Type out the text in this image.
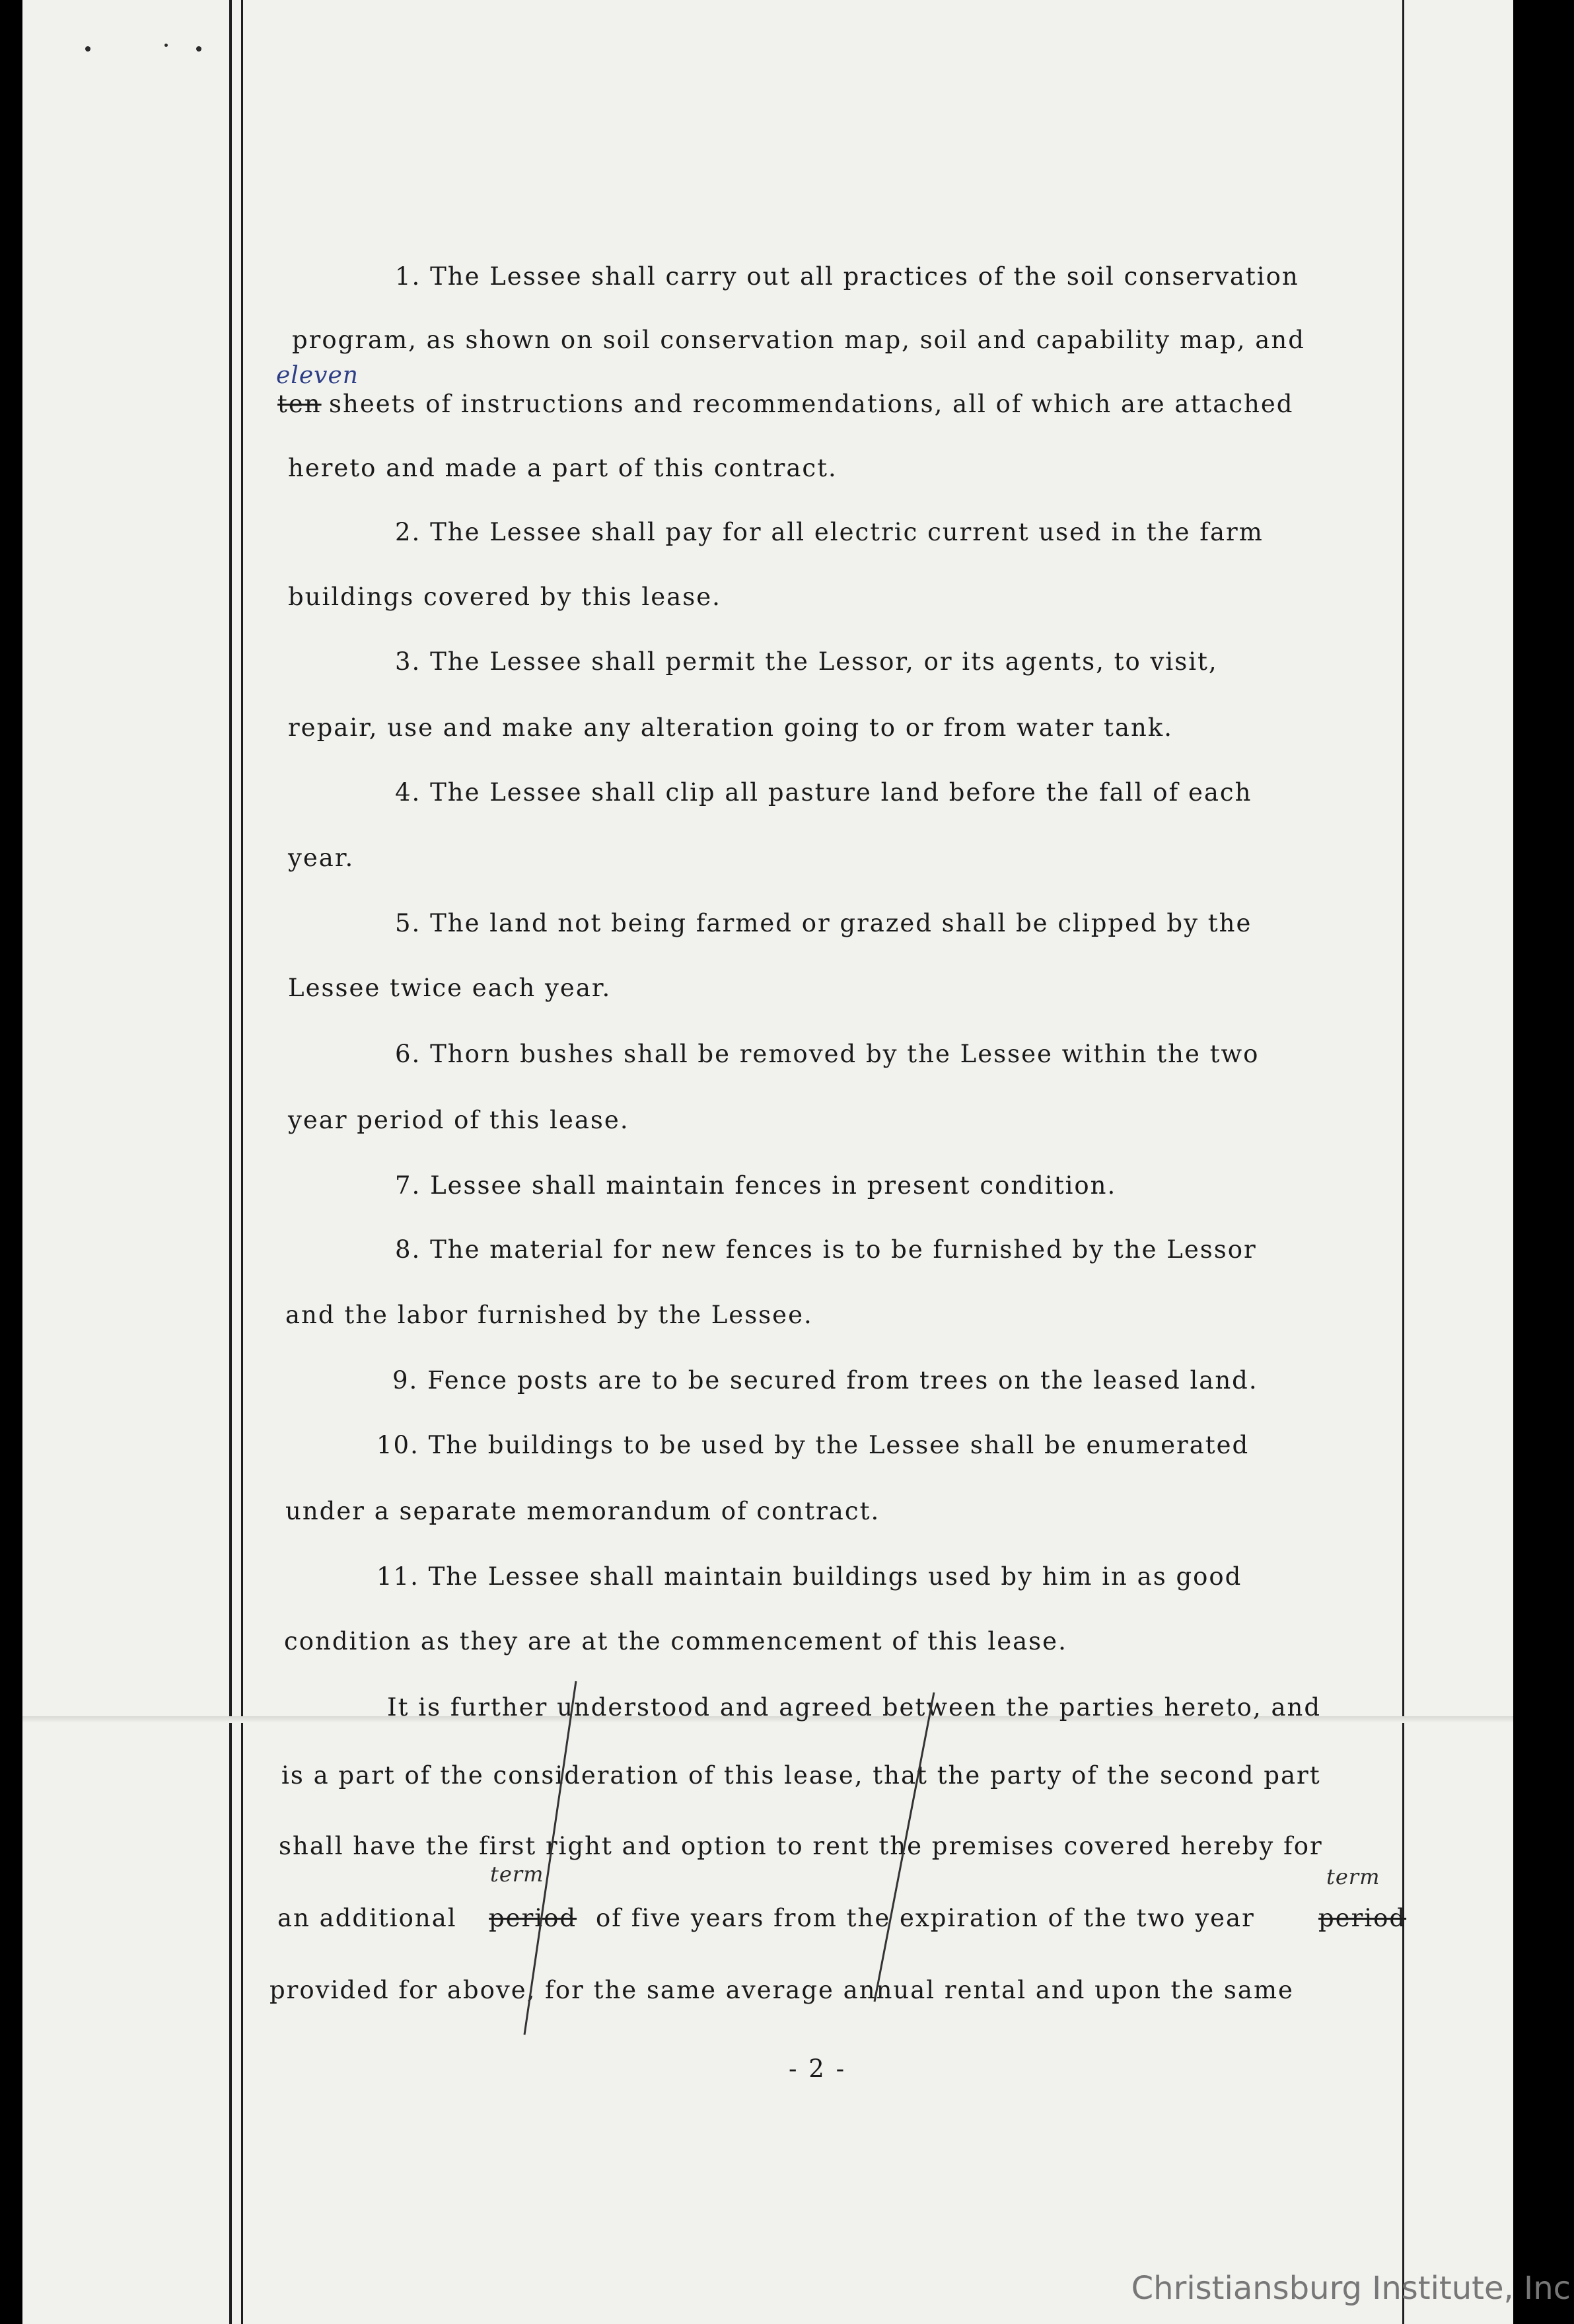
1. The Lessee shall carry out all practices of the soil conservation
program, as shown on soil conservation map, soil and capability map, and
eleven
ten sheets of instructions and recommendations, all of which are attached
hereto and made a part of this contract.
2. The Lessee shall pay for all electric current used in the farm
buildings covered by this lease.
3. The Lessee shall permit the Lessor, or its agents, to visit,
repair, use and make any alteration going to or from water tank.
4. The Lessee shall clip all pasture land before the fall of each
year.
5. The land not being farmed or grazed shall be clipped by the
Lessee twice each year.
6. Thorn bushes shall be removed by the Lessee within the two
year period of this lease.
7. Lessee shall maintain fences in present condition.
8. The material for new fences is to be furnished by the Lessor
and the labor furnished by the Lessee.
9. Fence posts are to be secured from trees on the leased land.
10. The buildings to be used by the Lessee shall be enumerated
under a separate memorandum of contract.
11. The Lessee shall maintain buildings used by him in as good
condition as they are at the commencement of this lease.
It is further understood and agreed between the parties hereto, and
is a part of the consideration of this lease, that the party of the second part
shall have the first right and option to rent the premises covered hereby for
term
an additional period of five years from the expiration of the two year
term
period
provided for above, for the same average annual rental and upon the same
- 2 -
Christiansburg Institute, Inc
